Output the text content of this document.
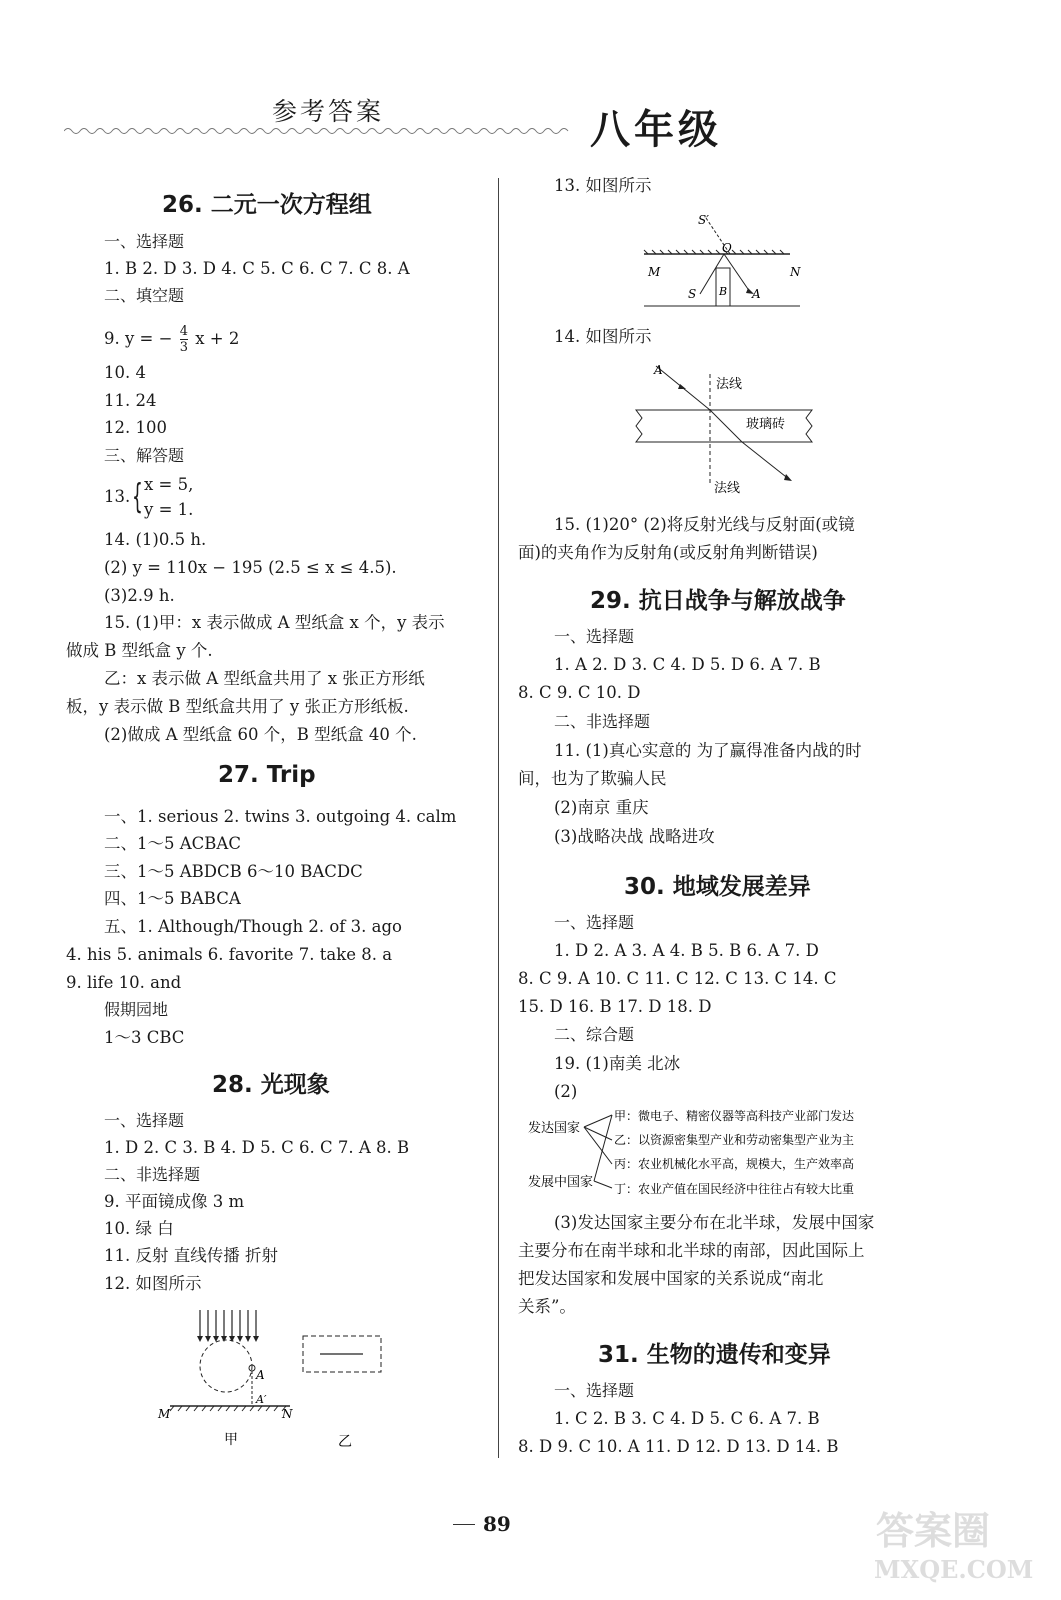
参考答案	八年级
26. 二元一次方程组
一、选择题
1. B 2. D 3. D 4. C 5. C 6. C 7. C 8. A
二、填空题
9. y = − $\frac{4}{3}$ x + 2
10. 4
11. 24
12. 100
三、解答题
13. { x = 5,
y = 1.
14. (1)0.5 h.
(2) y = 110x − 195 (2.5 ≤ x ≤ 4.5).
(3)2.9 h.
15. (1)甲：x 表示做成 A 型纸盒 x 个，y 表示
做成 B 型纸盒 y 个.
乙：x 表示做 A 型纸盒共用了 x 张正方形纸
板，y 表示做 B 型纸盒共用了 y 张正方形纸板.
(2)做成 A 型纸盒 60 个，B 型纸盒 40 个.
27. Trip
一、1. serious 2. twins 3. outgoing 4. calm
二、1～5 ACBAC
三、1～5 ABDCB 6～10 BACDC
四、1～5 BABCA
五、1. Although/Though 2. of 3. ago
4. his 5. animals 6. favorite 7. take 8. a
9. life 10. and
假期园地
1～3 CBC
28. 光现象
一、选择题
1. D 2. C 3. B 4. D 5. C 6. C 7. A 8. B
二、非选择题
9. 平面镜成像 3 m
10. 绿 白
11. 反射 直线传播 折射
12. 如图所示
A
A′
M	N
甲	乙
13. 如图所示
S′
O
M	N
S B A
14. 如图所示
A
法线
玻璃砖
法线
15. (1)20° (2)将反射光线与反射面(或镜
面)的夹角作为反射角(或反射角判断错误)
29. 抗日战争与解放战争
一、选择题
1. A 2. D 3. C 4. D 5. D 6. A 7. B
8. C 9. C 10. D
二、非选择题
11. (1)真心实意的 为了赢得准备内战的时
间，也为了欺骗人民
(2)南京 重庆
(3)战略决战 战略进攻
30. 地域发展差异
一、选择题
1. D 2. A 3. A 4. B 5. B 6. A 7. D
8. C 9. A 10. C 11. C 12. C 13. C 14. C
15. D 16. B 17. D 18. D
二、综合题
19. (1)南美 北冰
(2)
发达国家
发展中国家
甲：微电子、精密仪器等高科技产业部门发达
乙：以资源密集型产业和劳动密集型产业为主
丙：农业机械化水平高，规模大，生产效率高
丁：农业产值在国民经济中往往占有较大比重
(3)发达国家主要分布在北半球，发展中国家
主要分布在南半球和北半球的南部，因此国际上
把发达国家和发展中国家的关系说成“南北
关系”。
31. 生物的遗传和变异
一、选择题
1. C 2. B 3. C 4. D 5. C 6. A 7. B
8. D 9. C 10. A 11. D 12. D 13. D 14. B
89	答案圈
MXQE.COM
